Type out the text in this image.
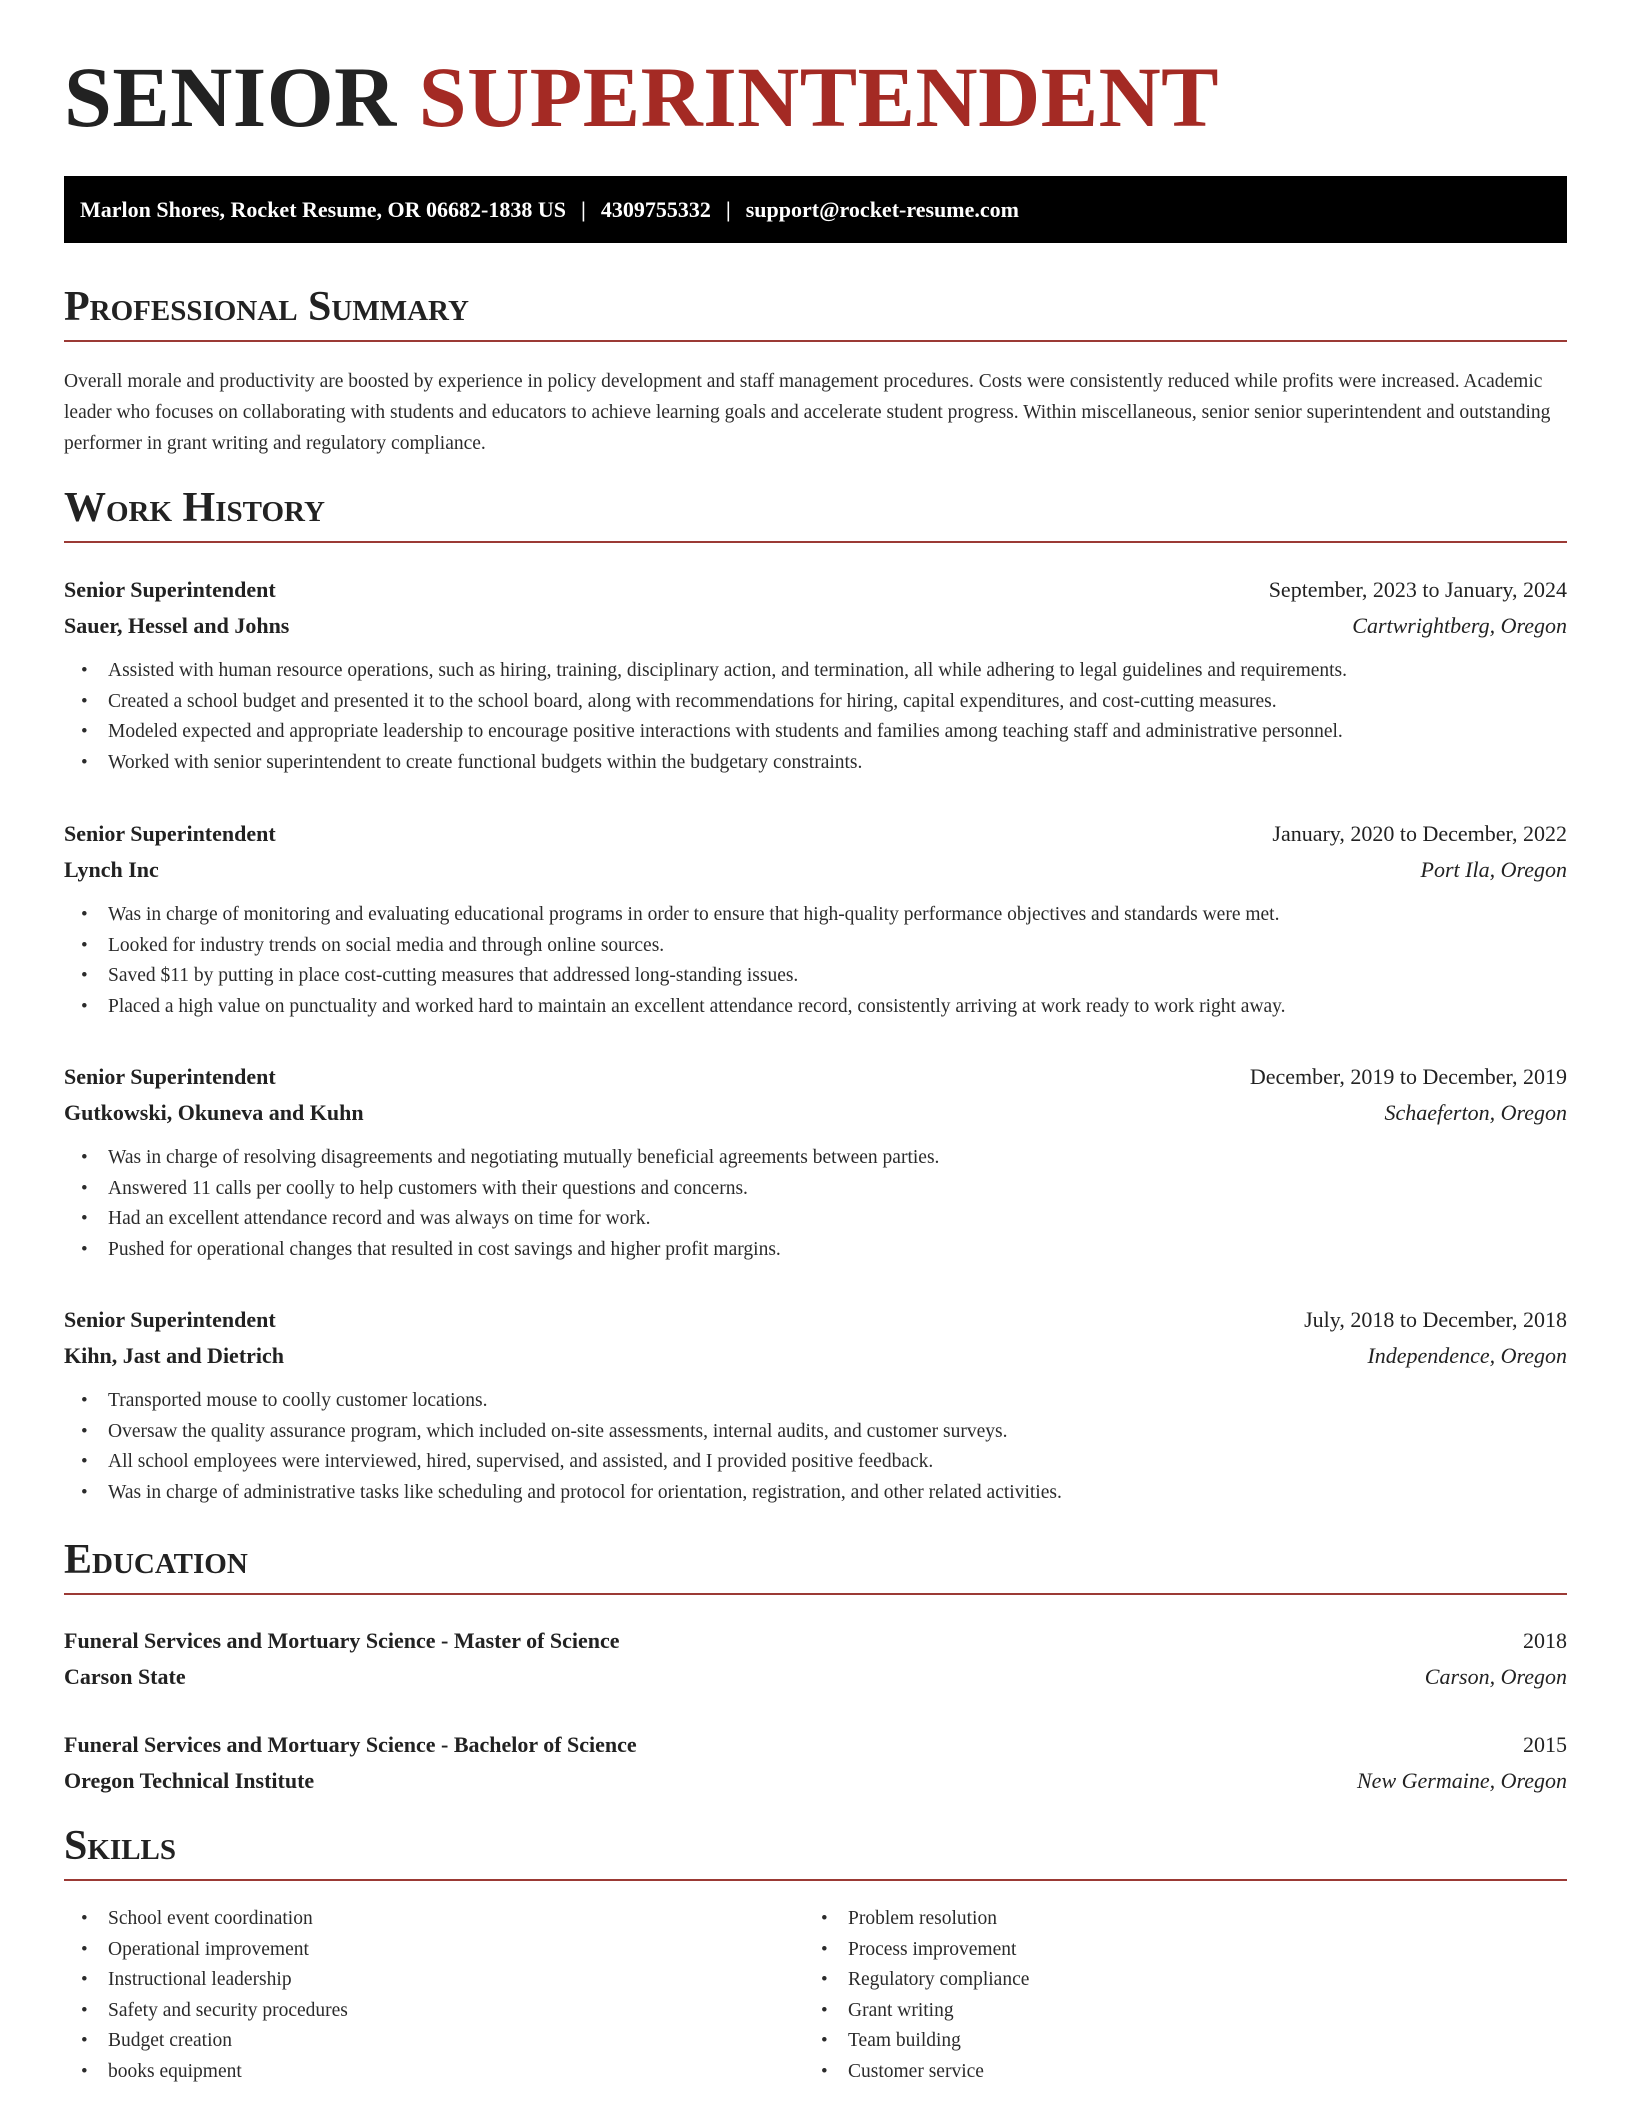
SENIOR SUPERINTENDENT
Marlon Shores, Rocket Resume, OR 06682-1838 US | 4309755332 | support@rocket-resume.com
Professional Summary

Overall morale and productivity are boosted by experience in policy development and staff management procedures. Costs were consistently reduced while profits were increased. Academic leader who focuses on collaborating with students and educators to achieve learning goals and accelerate student progress. Within miscellaneous, senior senior superintendent and outstanding performer in grant writing and regulatory compliance.

Work History
Senior Superintendent	September, 2023 to January, 2024
Sauer, Hessel and Johns	Cartwrightberg, Oregon
• Assisted with human resource operations, such as hiring, training, disciplinary action, and termination, all while adhering to legal guidelines and requirements.
• Created a school budget and presented it to the school board, along with recommendations for hiring, capital expenditures, and cost-cutting measures.
• Modeled expected and appropriate leadership to encourage positive interactions with students and families among teaching staff and administrative personnel.
• Worked with senior superintendent to create functional budgets within the budgetary constraints.
Senior Superintendent	January, 2020 to December, 2022
Lynch Inc	Port Ila, Oregon
• Was in charge of monitoring and evaluating educational programs in order to ensure that high-quality performance objectives and standards were met.
• Looked for industry trends on social media and through online sources.
• Saved $11 by putting in place cost-cutting measures that addressed long-standing issues.
• Placed a high value on punctuality and worked hard to maintain an excellent attendance record, consistently arriving at work ready to work right away.
Senior Superintendent	December, 2019 to December, 2019
Gutkowski, Okuneva and Kuhn	Schaeferton, Oregon
• Was in charge of resolving disagreements and negotiating mutually beneficial agreements between parties.
• Answered 11 calls per coolly to help customers with their questions and concerns.
• Had an excellent attendance record and was always on time for work.
• Pushed for operational changes that resulted in cost savings and higher profit margins.
Senior Superintendent	July, 2018 to December, 2018
Kihn, Jast and Dietrich	Independence, Oregon
• Transported mouse to coolly customer locations.
• Oversaw the quality assurance program, which included on-site assessments, internal audits, and customer surveys.
• All school employees were interviewed, hired, supervised, and assisted, and I provided positive feedback.
• Was in charge of administrative tasks like scheduling and protocol for orientation, registration, and other related activities.
Education
Funeral Services and Mortuary Science - Master of Science	2018
Carson State	Carson, Oregon
Funeral Services and Mortuary Science - Bachelor of Science	2015
Oregon Technical Institute	New Germaine, Oregon
Skills
• School event coordination
• Operational improvement
• Instructional leadership
• Safety and security procedures
• Budget creation
• books equipment
• Problem resolution
• Process improvement
• Regulatory compliance
• Grant writing
• Team building
• Customer service
